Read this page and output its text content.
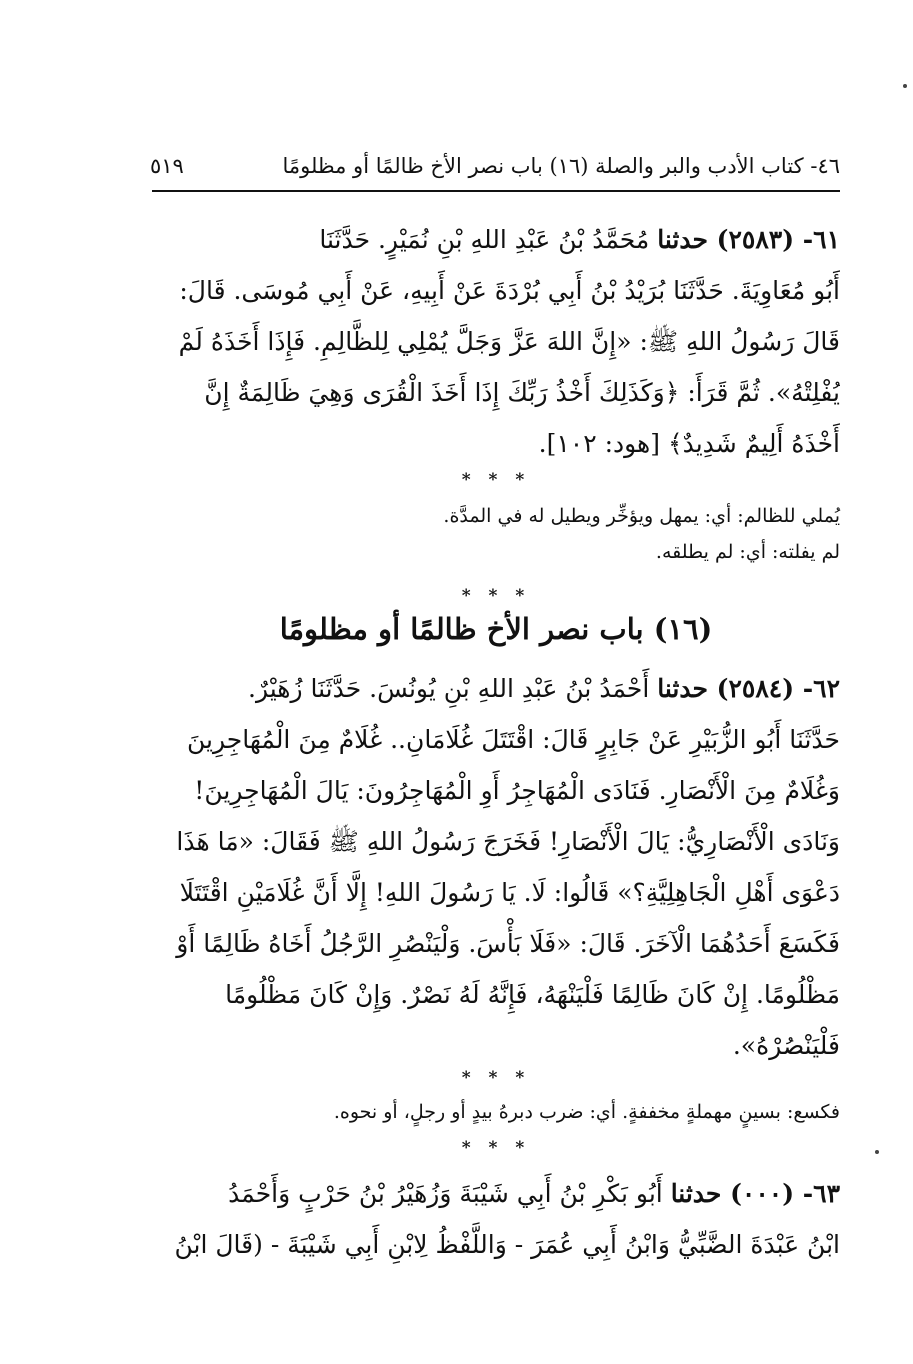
٤٦- كتاب الأدب والبر والصلة (١٦) باب نصر الأخ ظالمًا أو مظلومًا
٥١٩

٦١- (٢٥٨٣) حدثنا مُحَمَّدُ بْنُ عَبْدِ اللهِ بْنِ نُمَيْرٍ. حَدَّثَنَا

أَبُو مُعَاوِيَةَ. حَدَّثَنَا بُرَيْدُ بْنُ أَبِي بُرْدَةَ عَنْ أَبِيهِ، عَنْ أَبِي مُوسَى. قَالَ:

قَالَ رَسُولُ اللهِ ﷺ: «إِنَّ اللهَ عَزَّ وَجَلَّ يُمْلِي لِلظَّالِمِ. فَإِذَا أَخَذَهُ لَمْ

يُفْلِتْهُ». ثُمَّ قَرَأَ: ﴿وَكَذَلِكَ أَخْذُ رَبِّكَ إِذَا أَخَذَ الْقُرَى وَهِيَ ظَالِمَةٌ إِنَّ

أَخْذَهُ أَلِيمٌ شَدِيدٌ﴾ [هود: ١٠٢].

* * *

يُملي للظالم: أي: يمهل ويؤخِّر ويطيل له في المدَّة.

لم يفلته: أي: لم يطلقه.

* * *
(١٦) باب نصر الأخ ظالمًا أو مظلومًا

٦٢- (٢٥٨٤) حدثنا أَحْمَدُ بْنُ عَبْدِ اللهِ بْنِ يُونُسَ. حَدَّثَنَا زُهَيْرٌ.

حَدَّثَنَا أَبُو الزُّبَيْرِ عَنْ جَابِرٍ قَالَ: اقْتَتَلَ غُلَامَانِ.. غُلَامٌ مِنَ الْمُهَاجِرِينَ

وَغُلَامٌ مِنَ الْأَنْصَارِ. فَنَادَى الْمُهَاجِرُ أَوِ الْمُهَاجِرُونَ: يَالَ الْمُهَاجِرِينَ!

وَنَادَى الْأَنْصَارِيُّ: يَالَ الْأَنْصَارِ! فَخَرَجَ رَسُولُ اللهِ ﷺ فَقَالَ: «مَا هَذَا

دَعْوَى أَهْلِ الْجَاهِلِيَّةِ؟» قَالُوا: لَا. يَا رَسُولَ اللهِ! إِلَّا أَنَّ غُلَامَيْنِ اقْتَتَلَا

فَكَسَعَ أَحَدُهُمَا الْآخَرَ. قَالَ: «فَلَا بَأْسَ. وَلْيَنْصُرِ الرَّجُلُ أَخَاهُ ظَالِمًا أَوْ

مَظْلُومًا. إِنْ كَانَ ظَالِمًا فَلْيَنْهَهُ، فَإِنَّهُ لَهُ نَصْرٌ. وَإِنْ كَانَ مَظْلُومًا

فَلْيَنْصُرْهُ».

* * *

فكسع: بسينٍ مهملةٍ مخففةٍ. أي: ضرب دبرهُ بيدٍ أو رجلٍ، أو نحوه.

* * *

٦٣- (٠٠٠) حدثنا أَبُو بَكْرِ بْنُ أَبِي شَيْبَةَ وَزُهَيْرُ بْنُ حَرْبٍ وَأَحْمَدُ

ابْنُ عَبْدَةَ الضَّبِّيُّ وَابْنُ أَبِي عُمَرَ - وَاللَّفْظُ لِابْنِ أَبِي شَيْبَةَ - (قَالَ ابْنُ
